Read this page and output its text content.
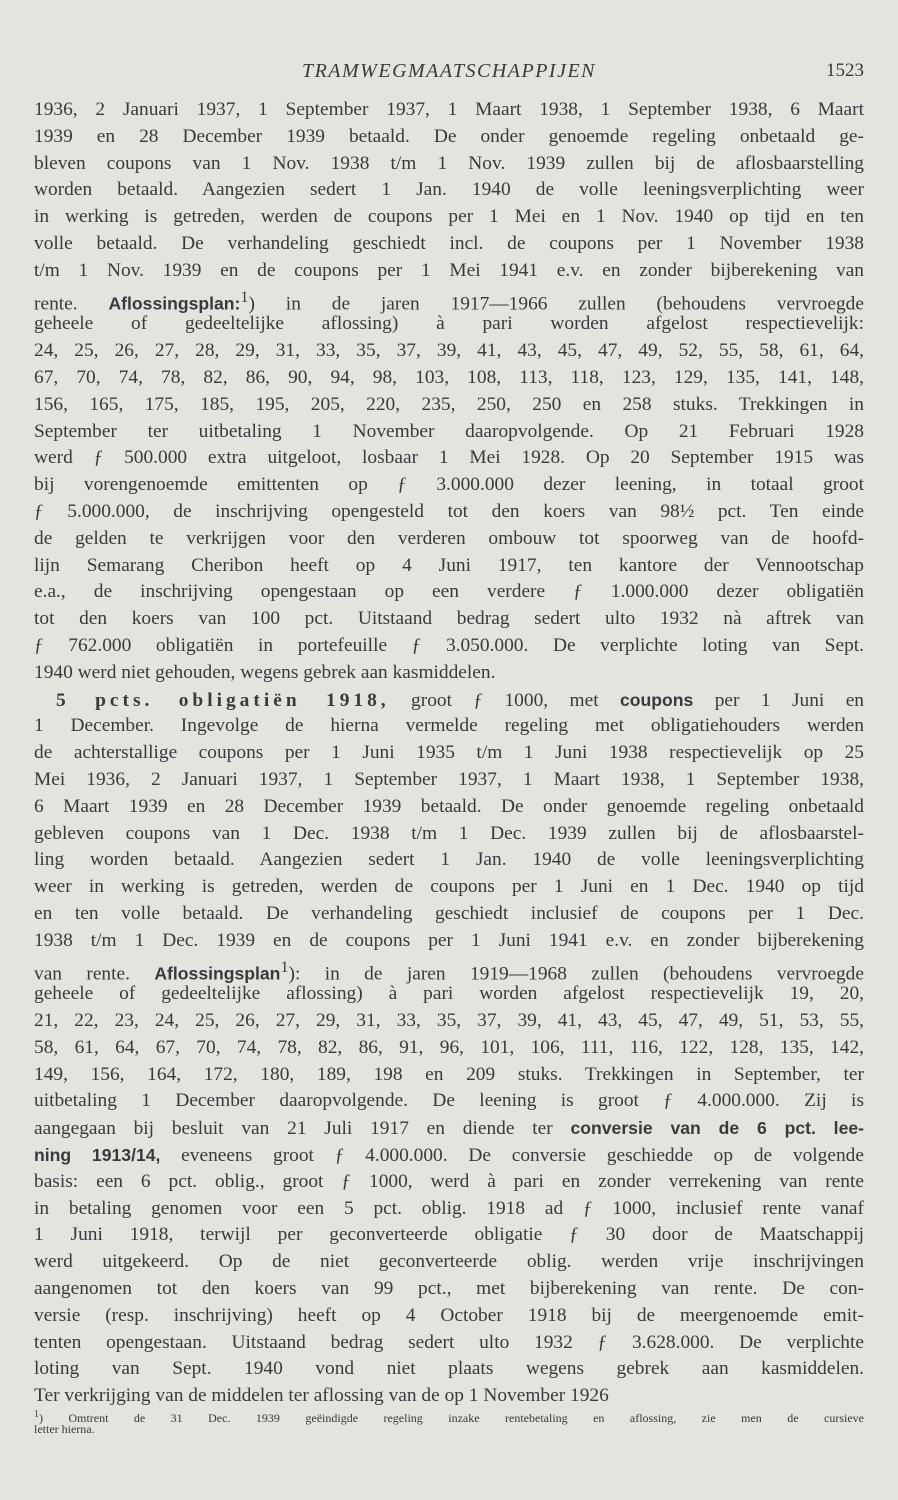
TRAMWEGMAATSCHAPPIJEN	1523
1936, 2 Januari 1937, 1 September 1937, 1 Maart 1938, 1 September 1938, 6 Maart
1939 en 28 December 1939 betaald. De onder genoemde regeling onbetaald ge-
bleven coupons van 1 Nov. 1938 t/m 1 Nov. 1939 zullen bij de aflosbaarstelling
worden betaald. Aangezien sedert 1 Jan. 1940 de volle leeningsverplichting weer
in werking is getreden, werden de coupons per 1 Mei en 1 Nov. 1940 op tijd en ten
volle betaald. De verhandeling geschiedt incl. de coupons per 1 November 1938
t/m 1 Nov. 1939 en de coupons per 1 Mei 1941 e.v. en zonder bijberekening van
rente. Aflossingsplan:$^1$) in de jaren 1917—1966 zullen (behoudens vervroegde
geheele of gedeeltelijke aflossing) à pari worden afgelost respectievelijk:
24, 25, 26, 27, 28, 29, 31, 33, 35, 37, 39, 41, 43, 45, 47, 49, 52, 55, 58, 61, 64,
67, 70, 74, 78, 82, 86, 90, 94, 98, 103, 108, 113, 118, 123, 129, 135, 141, 148,
156, 165, 175, 185, 195, 205, 220, 235, 250, 250 en 258 stuks. Trekkingen in
September ter uitbetaling 1 November daaropvolgende. Op 21 Februari 1928
werd ƒ 500.000 extra uitgeloot, losbaar 1 Mei 1928. Op 20 September 1915 was
bij vorengenoemde emittenten op ƒ 3.000.000 dezer leening, in totaal groot
ƒ 5.000.000, de inschrijving opengesteld tot den koers van 98½ pct. Ten einde
de gelden te verkrijgen voor den verderen ombouw tot spoorweg van de hoofd-
lijn Semarang Cheribon heeft op 4 Juni 1917, ten kantore der Vennootschap
e.a., de inschrijving opengestaan op een verdere ƒ 1.000.000 dezer obligatiën
tot den koers van 100 pct. Uitstaand bedrag sedert ulto 1932 nà aftrek van
ƒ 762.000 obligatiën in portefeuille ƒ 3.050.000. De verplichte loting van Sept.
1940 werd niet gehouden, wegens gebrek aan kasmiddelen.
5 pcts. obligatiën 1918, groot ƒ 1000, met coupons per 1 Juni en
1 December. Ingevolge de hierna vermelde regeling met obligatiehouders werden
de achterstallige coupons per 1 Juni 1935 t/m 1 Juni 1938 respectievelijk op 25
Mei 1936, 2 Januari 1937, 1 September 1937, 1 Maart 1938, 1 September 1938,
6 Maart 1939 en 28 December 1939 betaald. De onder genoemde regeling onbetaald
gebleven coupons van 1 Dec. 1938 t/m 1 Dec. 1939 zullen bij de aflosbaarstel-
ling worden betaald. Aangezien sedert 1 Jan. 1940 de volle leeningsverplichting
weer in werking is getreden, werden de coupons per 1 Juni en 1 Dec. 1940 op tijd
en ten volle betaald. De verhandeling geschiedt inclusief de coupons per 1 Dec.
1938 t/m 1 Dec. 1939 en de coupons per 1 Juni 1941 e.v. en zonder bijberekening
van rente. Aflossingsplan$^1$): in de jaren 1919—1968 zullen (behoudens vervroegde
geheele of gedeeltelijke aflossing) à pari worden afgelost respectievelijk 19, 20,
21, 22, 23, 24, 25, 26, 27, 29, 31, 33, 35, 37, 39, 41, 43, 45, 47, 49, 51, 53, 55,
58, 61, 64, 67, 70, 74, 78, 82, 86, 91, 96, 101, 106, 111, 116, 122, 128, 135, 142,
149, 156, 164, 172, 180, 189, 198 en 209 stuks. Trekkingen in September, ter
uitbetaling 1 December daaropvolgende. De leening is groot ƒ 4.000.000. Zij is
aangegaan bij besluit van 21 Juli 1917 en diende ter conversie van de 6 pct. lee-
ning 1913/14, eveneens groot ƒ 4.000.000. De conversie geschiedde op de volgende
basis: een 6 pct. oblig., groot ƒ 1000, werd à pari en zonder verrekening van rente
in betaling genomen voor een 5 pct. oblig. 1918 ad ƒ 1000, inclusief rente vanaf
1 Juni 1918, terwijl per geconverteerde obligatie ƒ 30 door de Maatschappij
werd uitgekeerd. Op de niet geconverteerde oblig. werden vrije inschrijvingen
aangenomen tot den koers van 99 pct., met bijberekening van rente. De con-
versie (resp. inschrijving) heeft op 4 October 1918 bij de meergenoemde emit-
tenten opengestaan. Uitstaand bedrag sedert ulto 1932 ƒ 3.628.000. De verplichte
loting van Sept. 1940 vond niet plaats wegens gebrek aan kasmiddelen.
Ter verkrijging van de middelen ter aflossing van de op 1 November 1926
$^1$) Omtrent de 31 Dec. 1939 geëindigde regeling inzake rentebetaling en aflossing, zie men de cursieve
letter hierna.
